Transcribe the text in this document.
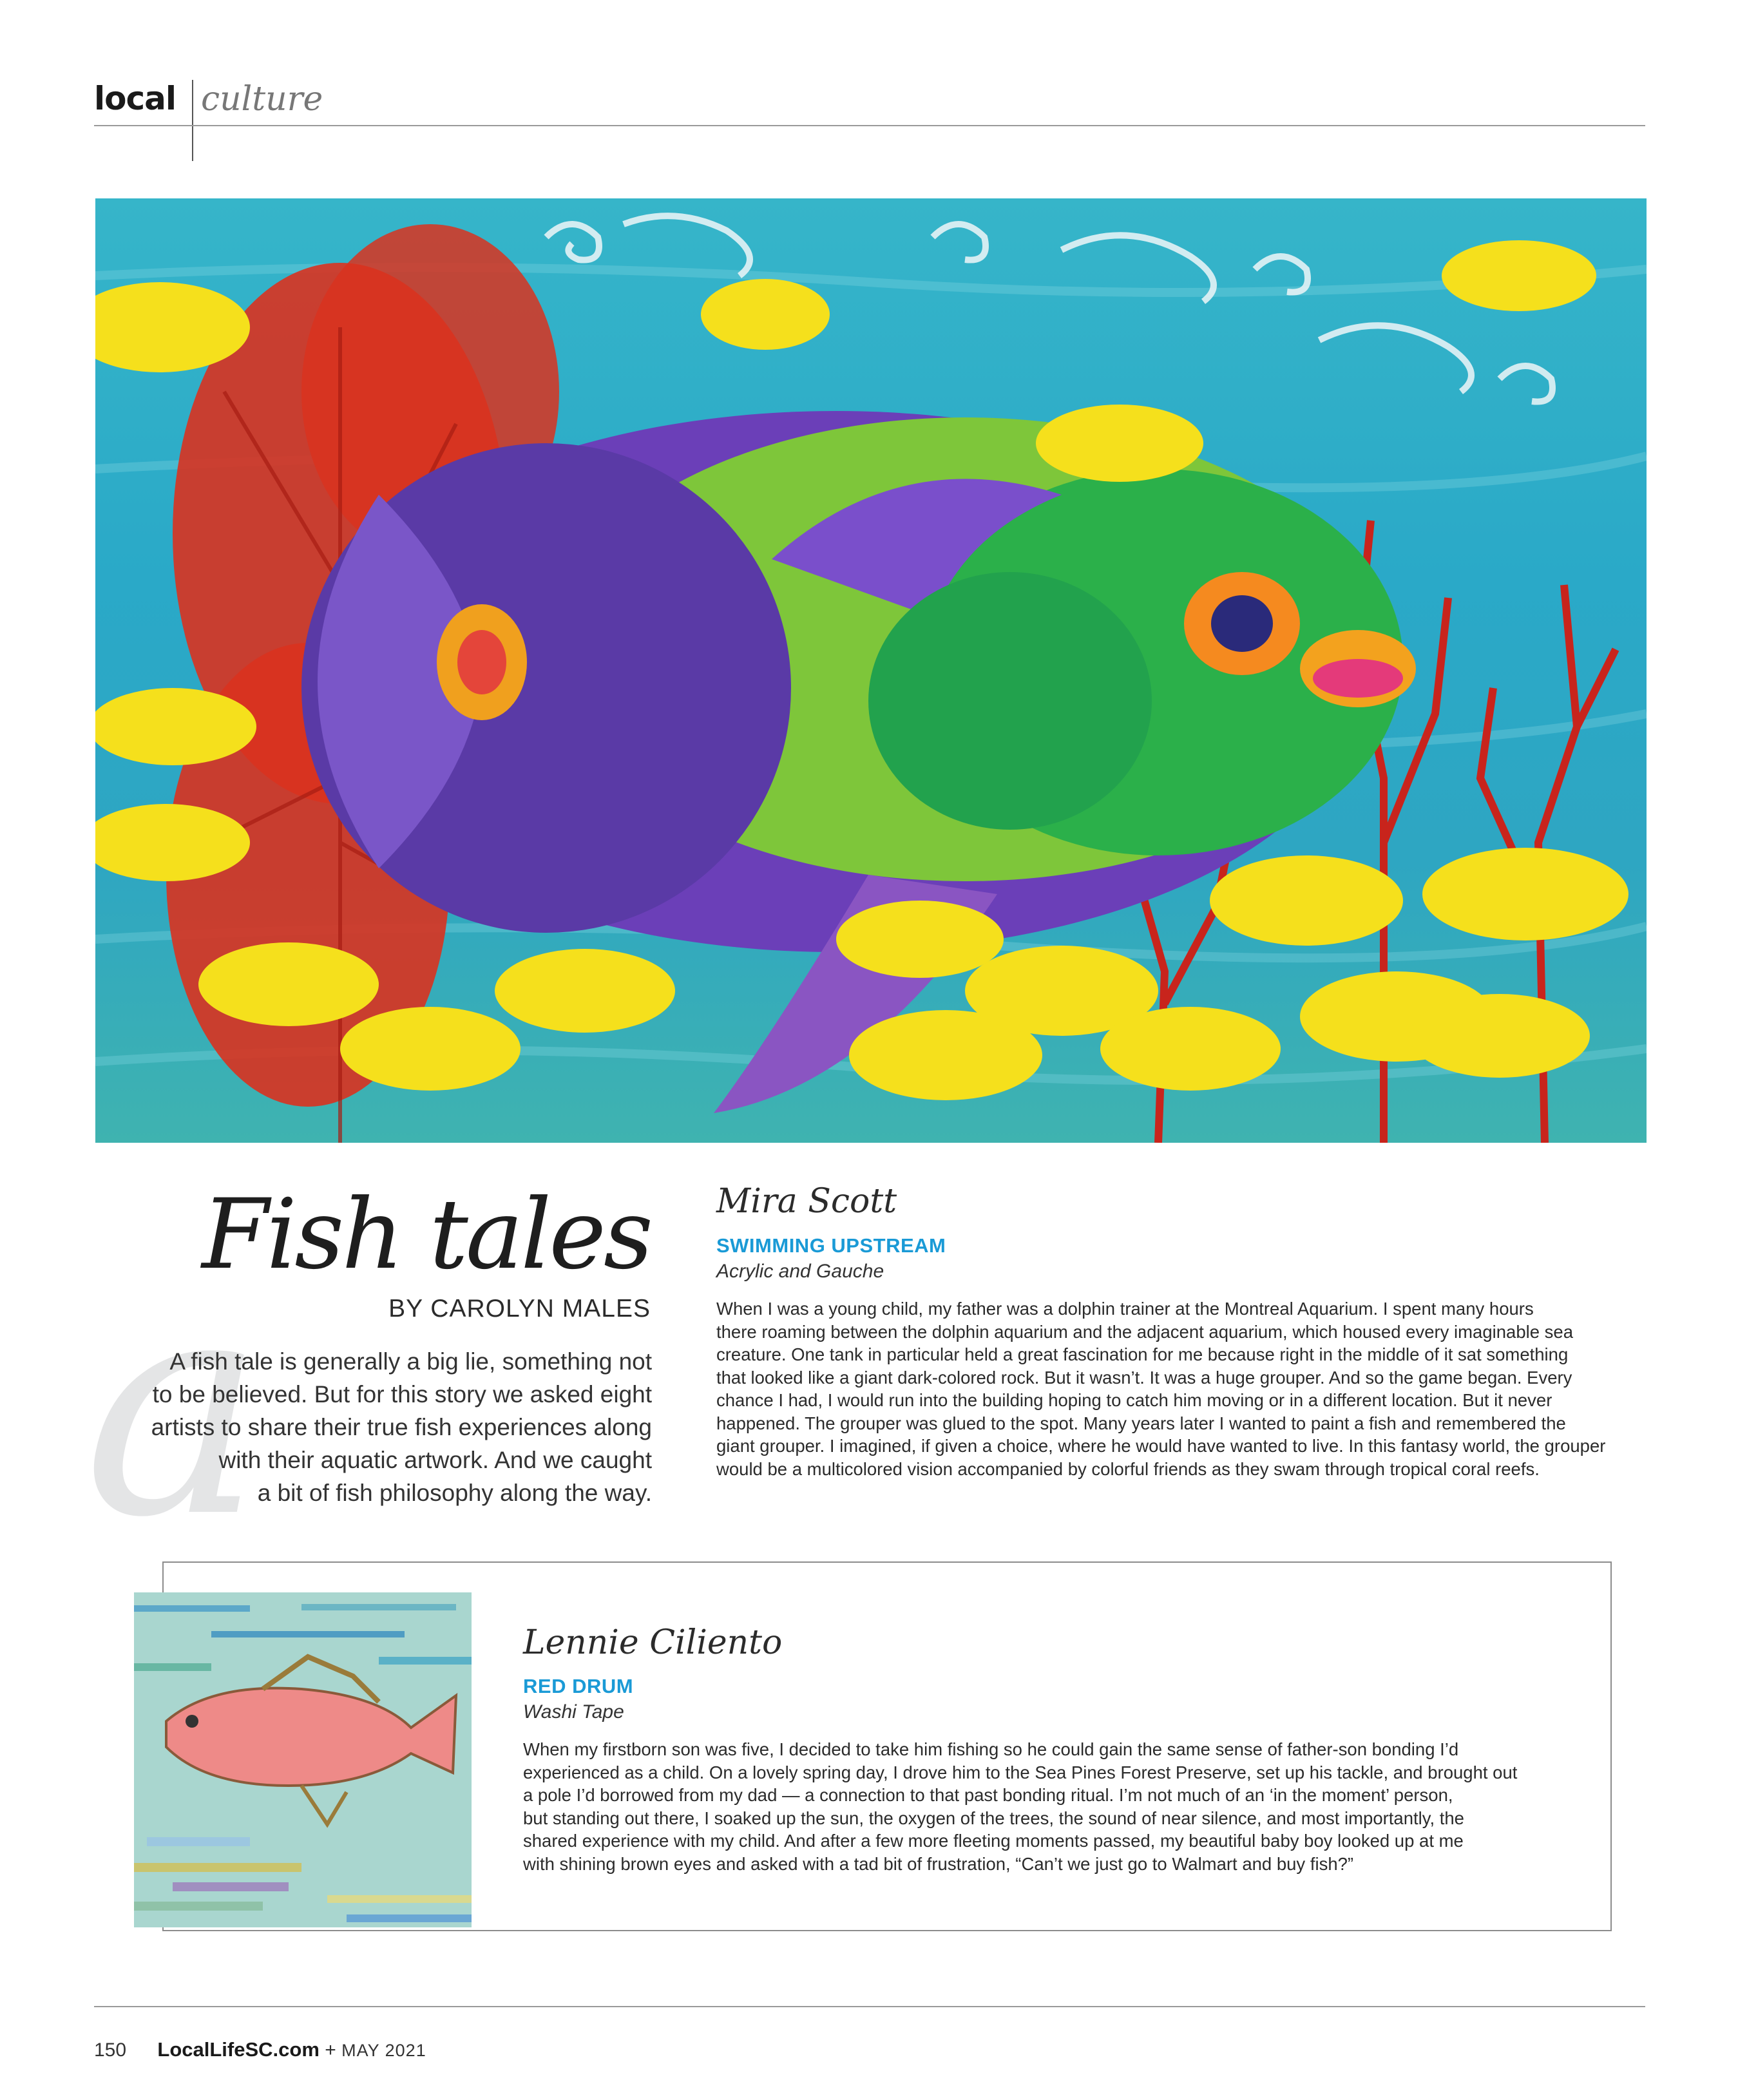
local culture
a
Fish tales
BY CAROLYN MALES
A fish tale is generally a big lie, something not
to be believed. But for this story we asked eight
artists to share their true fish experiences along
with their aquatic artwork. And we caught
a bit of fish philosophy along the way.
Mira Scott
SWIMMING UPSTREAM
Acrylic and Gauche
When I was a young child, my father was a dolphin trainer at the Montreal Aquarium. I spent many hours
there roaming between the dolphin aquarium and the adjacent aquarium, which housed every imaginable sea
creature. One tank in particular held a great fascination for me because right in the middle of it sat something
that looked like a giant dark-colored rock. But it wasn’t. It was a huge grouper. And so the game began. Every
chance I had, I would run into the building hoping to catch him moving or in a different location. But it never
happened. The grouper was glued to the spot. Many years later I wanted to paint a fish and remembered the
giant grouper. I imagined, if given a choice, where he would have wanted to live. In this fantasy world, the grouper
would be a multicolored vision accompanied by colorful friends as they swam through tropical coral reefs.
Lennie Ciliento
RED DRUM
Washi Tape
When my firstborn son was five, I decided to take him fishing so he could gain the same sense of father-son bonding I’d
experienced as a child. On a lovely spring day, I drove him to the Sea Pines Forest Preserve, set up his tackle, and brought out
a pole I’d borrowed from my dad — a connection to that past bonding ritual. I’m not much of an ‘in the moment’ person,
but standing out there, I soaked up the sun, the oxygen of the trees, the sound of near silence, and most importantly, the
shared experience with my child. And after a few more fleeting moments passed, my beautiful baby boy looked up at me
with shining brown eyes and asked with a tad bit of frustration, “Can’t we just go to Walmart and buy fish?”
150 LocalLifeSC.com + MAY 2021
